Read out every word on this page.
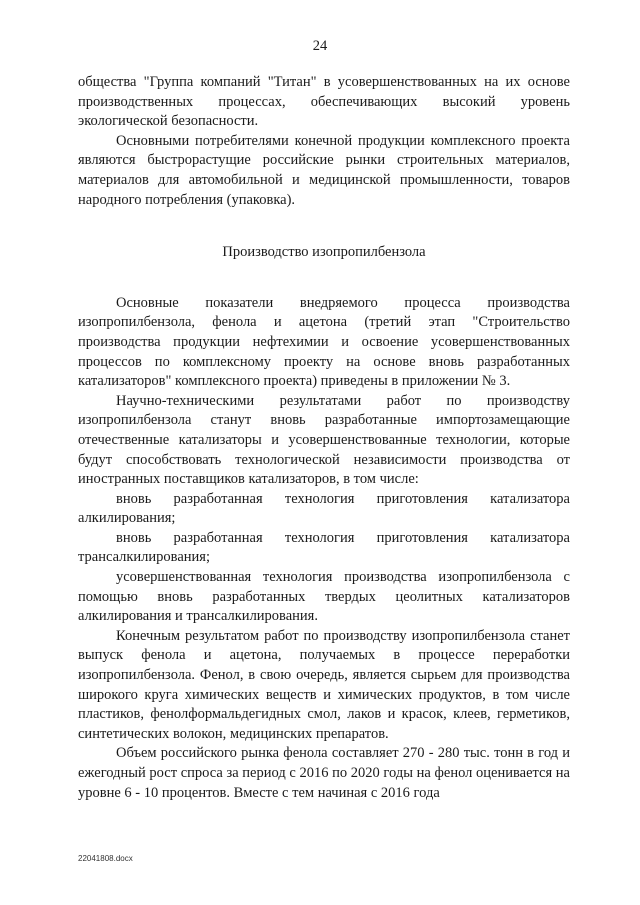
24

общества "Группа компаний "Титан" в усовершенствованных на их основе производственных процессах, обеспечивающих высокий уровень экологической безопасности.

Основными потребителями конечной продукции комплексного проекта являются быстрорастущие российские рынки строительных материалов, материалов для автомобильной и медицинской промышленности, товаров народного потребления (упаковка).

Производство изопропилбензола

Основные показатели внедряемого процесса производства изопропилбензола, фенола и ацетона (третий этап "Строительство производства продукции нефтехимии и освоение усовершенствованных процессов по комплексному проекту на основе вновь разработанных катализаторов" комплексного проекта) приведены в приложении № 3.

Научно-техническими результатами работ по производству изопропилбензола станут вновь разработанные импортозамещающие отечественные катализаторы и усовершенствованные технологии, которые будут способствовать технологической независимости производства от иностранных поставщиков катализаторов, в том числе:

вновь разработанная технология приготовления катализатора алкилирования;

вновь разработанная технология приготовления катализатора трансалкилирования;

усовершенствованная технология производства изопропилбензола с помощью вновь разработанных твердых цеолитных катализаторов алкилирования и трансалкилирования.

Конечным результатом работ по производству изопропилбензола станет выпуск фенола и ацетона, получаемых в процессе переработки изопропилбензола. Фенол, в свою очередь, является сырьем для производства широкого круга химических веществ и химических продуктов, в том числе пластиков, фенолформальдегидных смол, лаков и красок, клеев, герметиков, синтетических волокон, медицинских препаратов.

Объем российского рынка фенола составляет 270 - 280 тыс. тонн в год и ежегодный рост спроса за период с 2016 по 2020 годы на фенол оценивается на уровне 6 - 10 процентов. Вместе с тем начиная с 2016 года

22041808.docx
